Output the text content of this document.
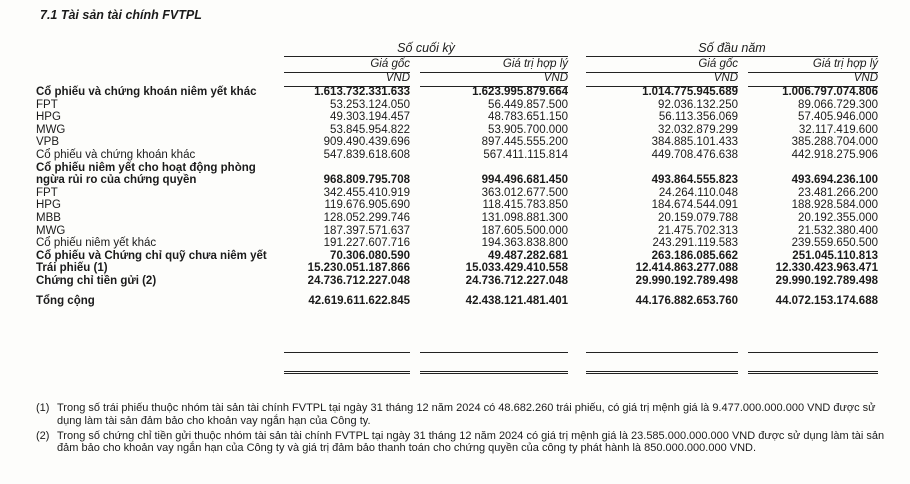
7.1 Tài sản tài chính FVTPL
Số cuối kỳ	Số đầu năm
Giá gốc	Giá trị hợp lý	Giá gốc	Giá trị hợp lý
VND	VND	VND	VND
Cổ phiếu và chứng khoán niêm yết khác	1.613.732.331.633		1.623.995.879.664		1.014.775.945.689		1.006.797.074.806
FPT	53.253.124.050		56.449.857.500		92.036.132.250		89.066.729.300
HPG	49.303.194.457		48.783.651.150		56.113.356.069		57.405.946.000
MWG	53.845.954.822		53.905.700.000		32.032.879.299		32.117.419.600
VPB	909.490.439.696		897.445.555.200		384.885.101.433		385.288.704.000
Cổ phiếu và chứng khoán khác	547.839.618.608		567.411.115.814		449.708.476.638		442.918.275.906
Cổ phiếu niêm yết cho hoạt động phòng ngừa rủi ro của chứng quyền	968.809.795.708		994.496.681.450		493.864.555.823		493.694.236.100
FPT	342.455.410.919		363.012.677.500		24.264.110.048		23.481.266.200
HPG	119.676.905.690		118.415.783.850		184.674.544.091		188.928.584.000
MBB	128.052.299.746		131.098.881.300		20.159.079.788		20.192.355.000
MWG	187.397.571.637		187.605.500.000		21.475.702.313		21.532.380.400
Cổ phiếu niêm yết khác	191.227.607.716		194.363.838.800		243.291.119.583		239.559.650.500
Cổ phiếu và Chứng chỉ quỹ chưa niêm yết	70.306.080.590		49.487.282.681		263.186.085.662		251.045.110.813
Trái phiếu (1)	15.230.051.187.866		15.033.429.410.558		12.414.863.277.088		12.330.423.963.471
Chứng chỉ tiền gửi (2)	24.736.712.227.048		24.736.712.227.048		29.990.192.789.498		29.990.192.789.498

Tổng cộng	42.619.611.622.845		42.438.121.481.401		44.176.882.653.760		44.072.153.174.688
(1) Trong số trái phiếu thuộc nhóm tài sản tài chính FVTPL tại ngày 31 tháng 12 năm 2024 có 48.682.260 trái phiếu, có giá trị mệnh giá là 9.477.000.000.000 VND được sử dụng làm tài sản đảm bảo cho khoản vay ngắn hạn của Công ty.
(2) Trong số chứng chỉ tiền gửi thuộc nhóm tài sản tài chính FVTPL tại ngày 31 tháng 12 năm 2024 có giá trị mệnh giá là 23.585.000.000.000 VND được sử dụng làm tài sản đảm bảo cho khoản vay ngắn hạn của Công ty và giá trị đảm bảo thanh toán cho chứng quyền của công ty phát hành là 850.000.000.000 VND.
